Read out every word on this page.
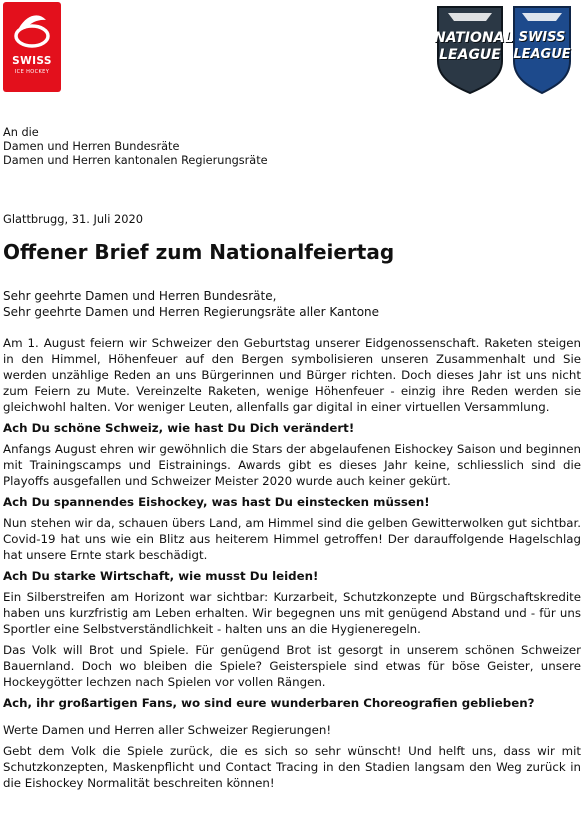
SWISS
ICE HOCKEY
NATIONAL
LEAGUE
SWISS
LEAGUE
An die
Damen und Herren Bundesräte
Damen und Herren kantonalen Regierungsräte
Glattbrugg, 31. Juli 2020
Offener Brief zum Nationalfeiertag
Sehr geehrte Damen und Herren Bundesräte,
Sehr geehrte Damen und Herren Regierungsräte aller Kantone

Am 1. August feiern wir Schweizer den Geburtstag unserer Eidgenossenschaft. Raketen steigen in den Himmel, Höhenfeuer auf den Bergen symbolisieren unseren Zusammenhalt und Sie werden unzählige Reden an uns Bürgerinnen und Bürger richten. Doch dieses Jahr ist uns nicht zum Feiern zu Mute. Vereinzelte Raketen, wenige Höhenfeuer - einzig ihre Reden werden sie gleichwohl halten. Vor weniger Leuten, allenfalls gar digital in einer virtuellen Versammlung.

Ach Du schöne Schweiz, wie hast Du Dich verändert!

Anfangs August ehren wir gewöhnlich die Stars der abgelaufenen Eishockey Saison und beginnen mit Trainingscamps und Eistrainings. Awards gibt es dieses Jahr keine, schliesslich sind die Playoffs ausgefallen und Schweizer Meister 2020 wurde auch keiner gekürt.

Ach Du spannendes Eishockey, was hast Du einstecken müssen!

Nun stehen wir da, schauen übers Land, am Himmel sind die gelben Gewitterwolken gut sichtbar. Covid-19 hat uns wie ein Blitz aus heiterem Himmel getroffen! Der darauffolgende Hagelschlag hat unsere Ernte stark beschädigt.

Ach Du starke Wirtschaft, wie musst Du leiden!

Ein Silberstreifen am Horizont war sichtbar: Kurzarbeit, Schutzkonzepte und Bürgschaftskredite haben uns kurzfristig am Leben erhalten. Wir begegnen uns mit genügend Abstand und - für uns Sportler eine Selbstverständlichkeit - halten uns an die Hygieneregeln.

Das Volk will Brot und Spiele. Für genügend Brot ist gesorgt in unserem schönen Schweizer Bauernland. Doch wo bleiben die Spiele? Geisterspiele sind etwas für böse Geister, unsere Hockeygötter lechzen nach Spielen vor vollen Rängen.

Ach, ihr großartigen Fans, wo sind eure wunderbaren Choreografien geblieben?

Werte Damen und Herren aller Schweizer Regierungen!

Gebt dem Volk die Spiele zurück, die es sich so sehr wünscht! Und helft uns, dass wir mit Schutzkonzepten, Maskenpflicht und Contact Tracing in den Stadien langsam den Weg zurück in die Eishockey Normalität beschreiten können!
